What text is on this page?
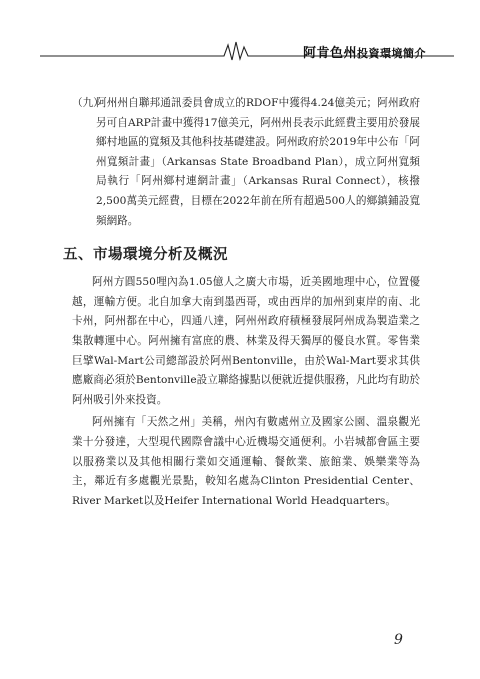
阿肯色州投資環境簡介
（九）
阿州州自聯邦通訊委員會成立的RDOF中獲得4.24億美元；阿州政府另可自ARP計畫中獲得17億美元，阿州州長表示此經費主要用於發展鄉村地區的寬頻及其他科技基礎建設。阿州政府於2019年中公布「阿州寬頻計畫」（Arkansas State Broadband Plan），成立阿州寬頻局執行「阿州鄉村連網計畫」（Arkansas Rural Connect），核撥2,500萬美元經費，目標在2022年前在所有超過500人的鄉鎮鋪設寬頻網路。
五、市場環境分析及概況

阿州方圓550哩內為1.05億人之廣大市場，近美國地理中心，位置優越，運輸方便。北自加拿大南到墨西哥，或由西岸的加州到東岸的南、北卡州，阿州都在中心，四通八達，阿州州政府積極發展阿州成為製造業之集散轉運中心。阿州擁有富庶的農、林業及得天獨厚的優良水質。零售業巨擘Wal-Mart公司總部設於阿州Bentonville，由於Wal-Mart要求其供應廠商必須於Bentonville設立聯絡據點以便就近提供服務，凡此均有助於阿州吸引外來投資。

阿州擁有「天然之州」美稱，州內有數處州立及國家公園、溫泉觀光業十分發達，大型現代國際會議中心近機場交通便利。小岩城都會區主要以服務業以及其他相關行業如交通運輸、餐飲業、旅館業、娛樂業等為主，鄰近有多處觀光景點，較知名處為Clinton Presidential Center、River Market以及Heifer International World Headquarters。

9
